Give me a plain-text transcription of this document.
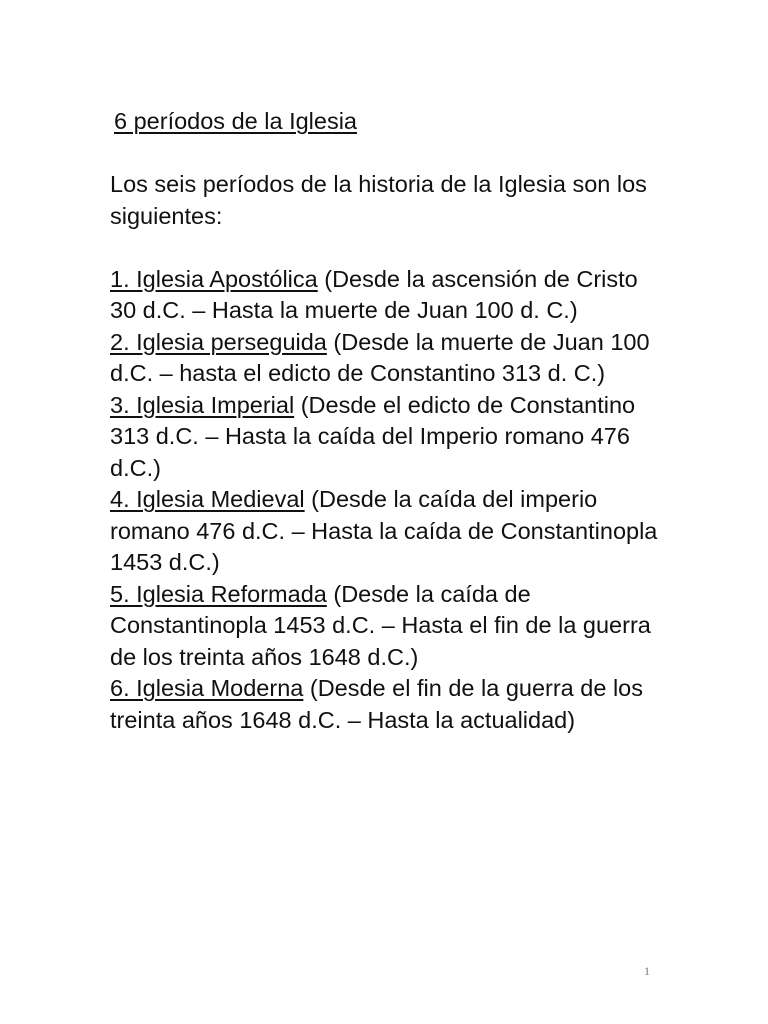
6 períodos de la Iglesia

Los seis períodos de la historia de la Iglesia son los siguientes:

1. Iglesia Apostólica (Desde la ascensión de Cristo 30 d.C. – Hasta la muerte de Juan 100 d. C.)

2. Iglesia perseguida (Desde la muerte de Juan 100 d.C. – hasta el edicto de Constantino 313 d. C.)

3. Iglesia Imperial (Desde el edicto de Constantino 313 d.C. – Hasta la caída del Imperio romano 476 d.C.)

4. Iglesia Medieval (Desde la caída del imperio romano 476 d.C. – Hasta la caída de Constantinopla 1453 d.C.)

5. Iglesia Reformada (Desde la caída de Constantinopla 1453 d.C. – Hasta el fin de la guerra de los treinta años 1648 d.C.)

6. Iglesia Moderna (Desde el fin de la guerra de los treinta años 1648 d.C. – Hasta la actualidad)

1
